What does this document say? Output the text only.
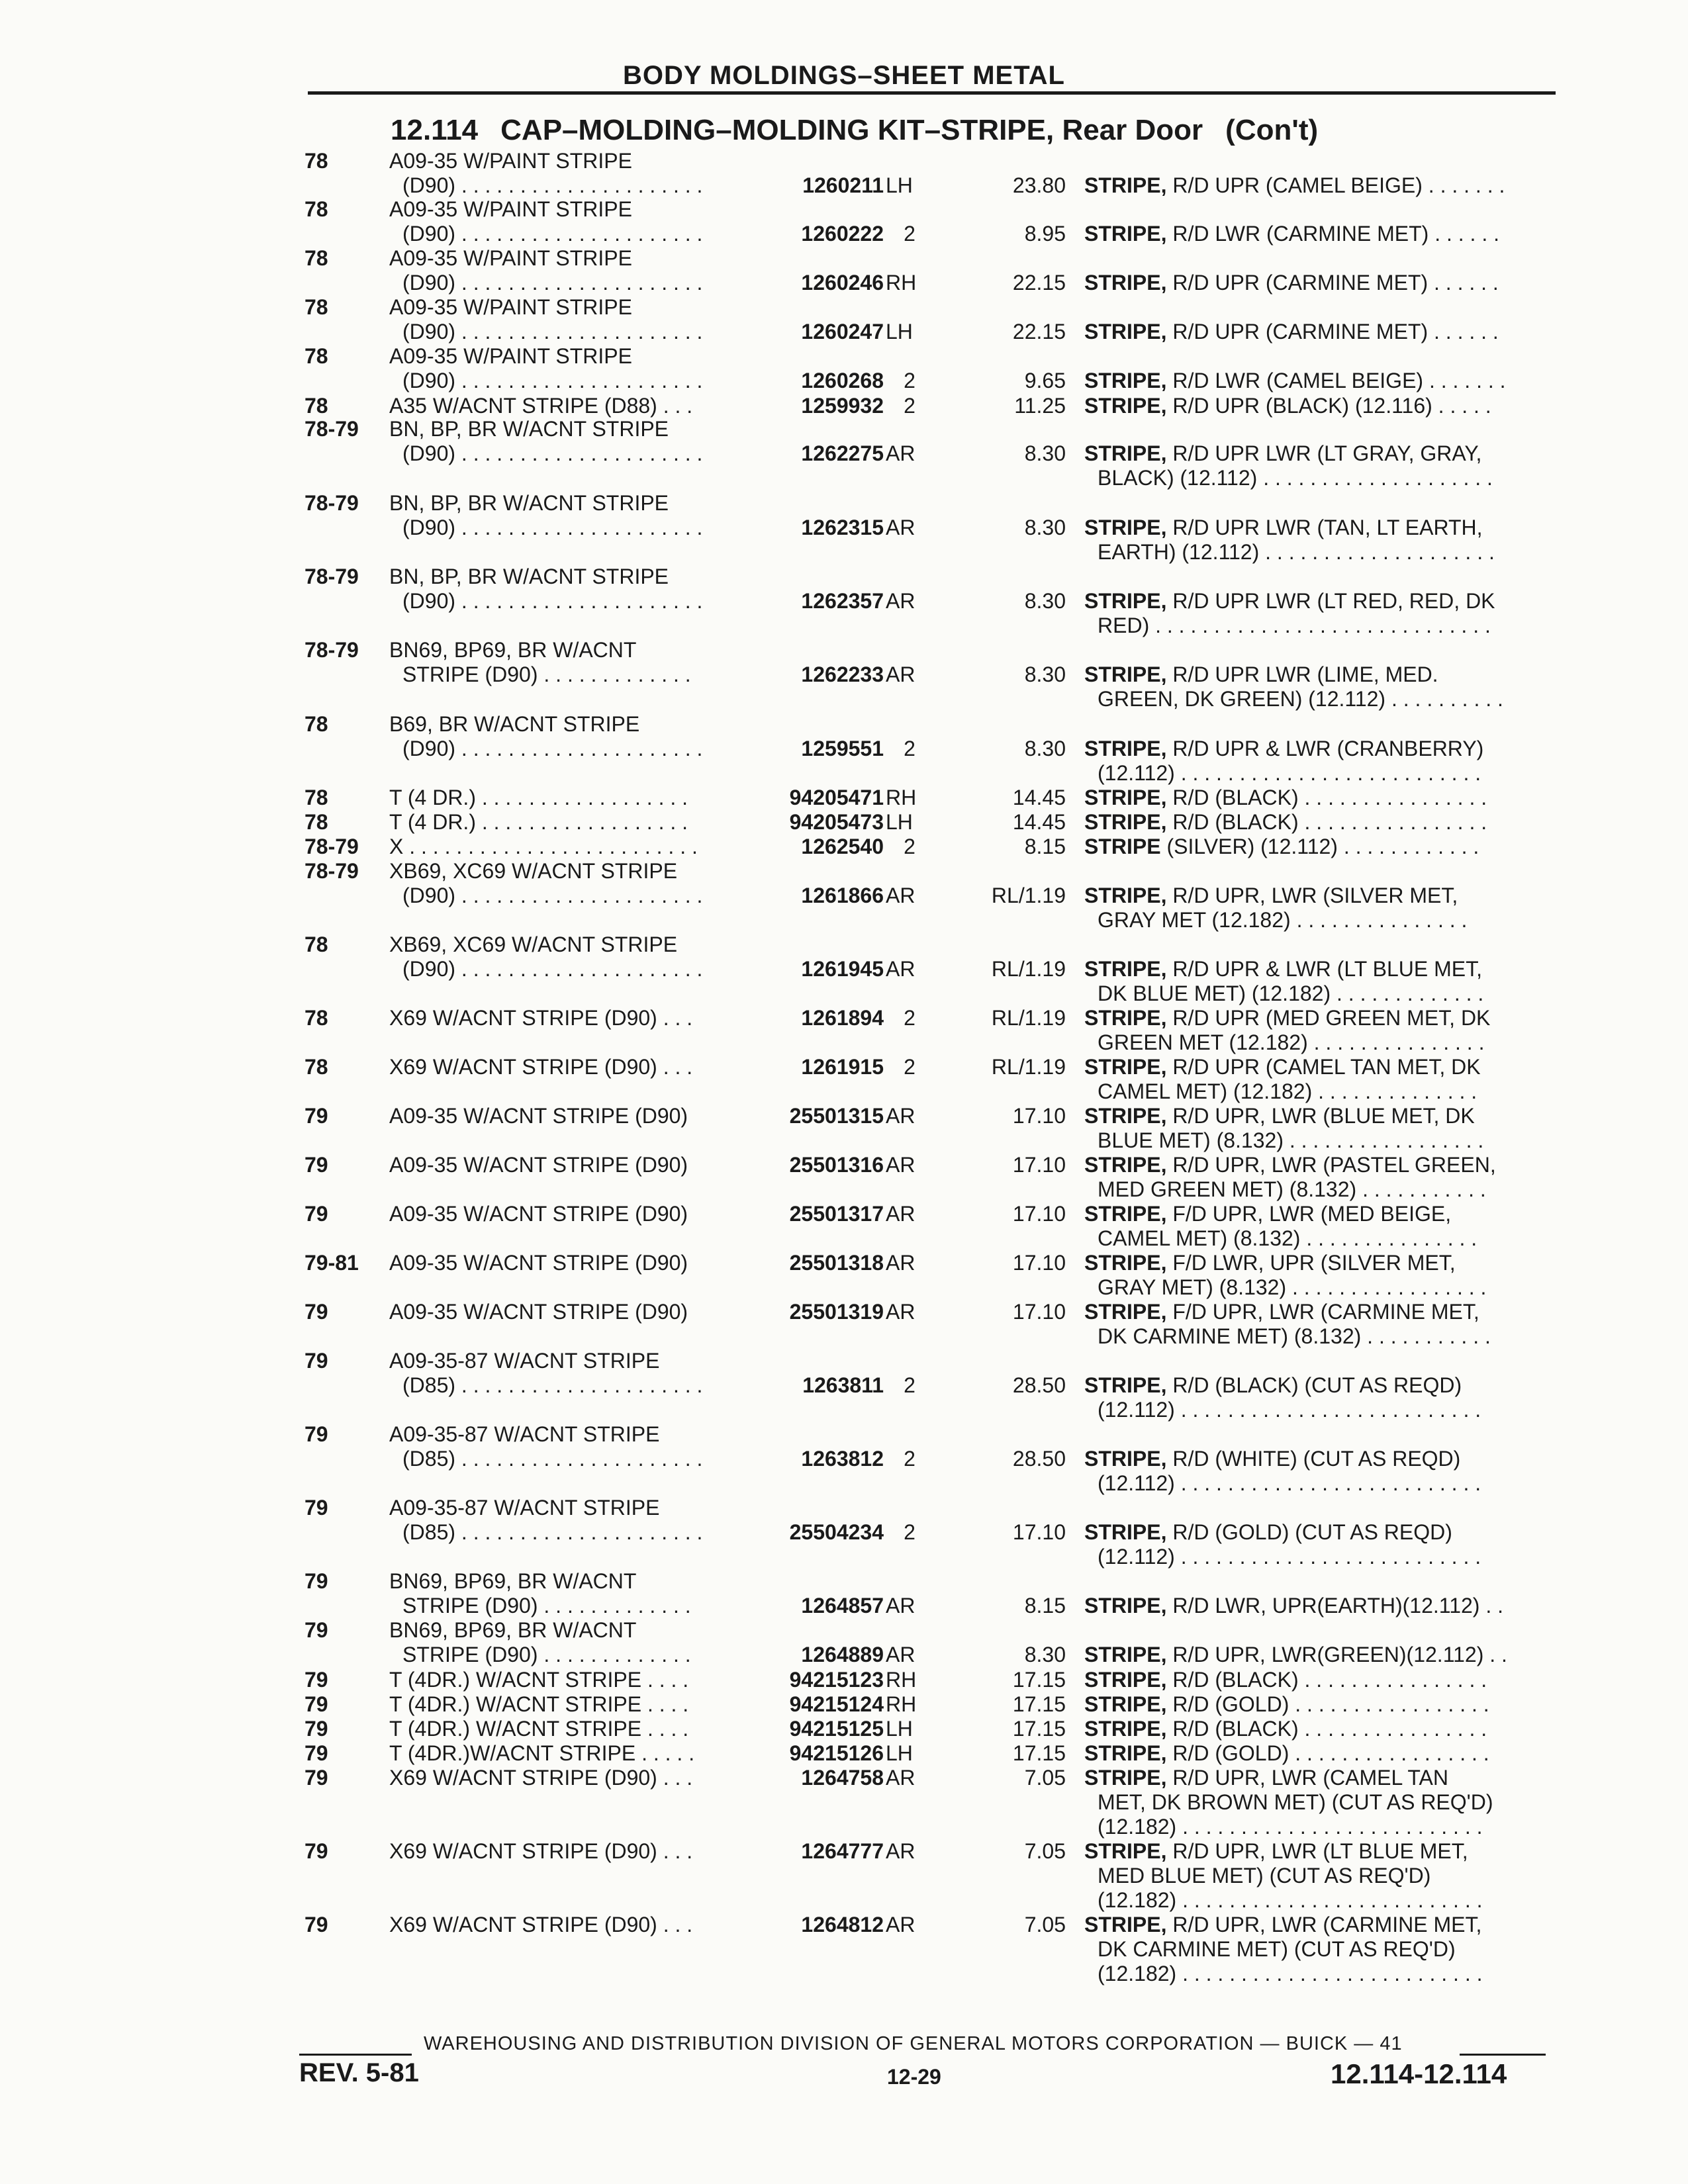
BODY MOLDINGS–SHEET METAL
12.114 CAP–MOLDING–MOLDING KIT–STRIPE, Rear Door (Con't)
78	A09-35 W/PAINT STRIPE
(D90) . . . . . . . . . . . . . . . . . . . . .	1260211 LH	23.80 STRIPE, R/D UPR (CAMEL BEIGE) . . . . . . .
78	A09-35 W/PAINT STRIPE
(D90) . . . . . . . . . . . . . . . . . . . . .	1260222 2	8.95 STRIPE, R/D LWR (CARMINE MET) . . . . . .
78	A09-35 W/PAINT STRIPE
(D90) . . . . . . . . . . . . . . . . . . . . .	1260246 RH	22.15 STRIPE, R/D UPR (CARMINE MET) . . . . . .
78	A09-35 W/PAINT STRIPE
(D90) . . . . . . . . . . . . . . . . . . . . .	1260247 LH	22.15 STRIPE, R/D UPR (CARMINE MET) . . . . . .
78	A09-35 W/PAINT STRIPE
(D90) . . . . . . . . . . . . . . . . . . . . .	1260268 2	9.65 STRIPE, R/D LWR (CAMEL BEIGE) . . . . . . .
78	A35 W/ACNT STRIPE (D88) . . .	1259932 2	11.25 STRIPE, R/D UPR (BLACK) (12.116) . . . . .
78-79	BN, BP, BR W/ACNT STRIPE
(D90) . . . . . . . . . . . . . . . . . . . . .	1262275 AR	8.30 STRIPE, R/D UPR LWR (LT GRAY, GRAY,
BLACK) (12.112) . . . . . . . . . . . . . . . . . . . .
78-79	BN, BP, BR W/ACNT STRIPE
(D90) . . . . . . . . . . . . . . . . . . . . .	1262315 AR	8.30 STRIPE, R/D UPR LWR (TAN, LT EARTH,
EARTH) (12.112) . . . . . . . . . . . . . . . . . . . .
78-79	BN, BP, BR W/ACNT STRIPE
(D90) . . . . . . . . . . . . . . . . . . . . .	1262357 AR	8.30 STRIPE, R/D UPR LWR (LT RED, RED, DK
RED) . . . . . . . . . . . . . . . . . . . . . . . . . . . . .
78-79	BN69, BP69, BR W/ACNT
STRIPE (D90) . . . . . . . . . . . . .	1262233 AR	8.30 STRIPE, R/D UPR LWR (LIME, MED.
GREEN, DK GREEN) (12.112) . . . . . . . . . .
78	B69, BR W/ACNT STRIPE
(D90) . . . . . . . . . . . . . . . . . . . . .	1259551 2	8.30 STRIPE, R/D UPR & LWR (CRANBERRY)
(12.112) . . . . . . . . . . . . . . . . . . . . . . . . . .
78	T (4 DR.) . . . . . . . . . . . . . . . . . .	94205471 RH	14.45 STRIPE, R/D (BLACK) . . . . . . . . . . . . . . . .
78	T (4 DR.) . . . . . . . . . . . . . . . . . .	94205473 LH	14.45 STRIPE, R/D (BLACK) . . . . . . . . . . . . . . . .
78-79	X . . . . . . . . . . . . . . . . . . . . . . . . .	1262540 2	8.15 STRIPE (SILVER) (12.112) . . . . . . . . . . . .
78-79	XB69, XC69 W/ACNT STRIPE
(D90) . . . . . . . . . . . . . . . . . . . . .	1261866 AR	RL/1.19 STRIPE, R/D UPR, LWR (SILVER MET,
GRAY MET (12.182) . . . . . . . . . . . . . . .
78	XB69, XC69 W/ACNT STRIPE
(D90) . . . . . . . . . . . . . . . . . . . . .	1261945 AR	RL/1.19 STRIPE, R/D UPR & LWR (LT BLUE MET,
DK BLUE MET) (12.182) . . . . . . . . . . . . .
78	X69 W/ACNT STRIPE (D90) . . .	1261894 2	RL/1.19 STRIPE, R/D UPR (MED GREEN MET, DK
GREEN MET (12.182) . . . . . . . . . . . . . . .
78	X69 W/ACNT STRIPE (D90) . . .	1261915 2	RL/1.19 STRIPE, R/D UPR (CAMEL TAN MET, DK
CAMEL MET) (12.182) . . . . . . . . . . . . . .
79	A09-35 W/ACNT STRIPE (D90)	25501315 AR	17.10 STRIPE, R/D UPR, LWR (BLUE MET, DK
BLUE MET) (8.132) . . . . . . . . . . . . . . . . .
79	A09-35 W/ACNT STRIPE (D90)	25501316 AR	17.10 STRIPE, R/D UPR, LWR (PASTEL GREEN,
MED GREEN MET) (8.132) . . . . . . . . . . .
79	A09-35 W/ACNT STRIPE (D90)	25501317 AR	17.10 STRIPE, F/D UPR, LWR (MED BEIGE,
CAMEL MET) (8.132) . . . . . . . . . . . . . . .
79-81	A09-35 W/ACNT STRIPE (D90)	25501318 AR	17.10 STRIPE, F/D LWR, UPR (SILVER MET,
GRAY MET) (8.132) . . . . . . . . . . . . . . . . .
79	A09-35 W/ACNT STRIPE (D90)	25501319 AR	17.10 STRIPE, F/D UPR, LWR (CARMINE MET,
DK CARMINE MET) (8.132) . . . . . . . . . . .
79	A09-35-87 W/ACNT STRIPE
(D85) . . . . . . . . . . . . . . . . . . . . .	1263811 2	28.50 STRIPE, R/D (BLACK) (CUT AS REQD)
(12.112) . . . . . . . . . . . . . . . . . . . . . . . . . .
79	A09-35-87 W/ACNT STRIPE
(D85) . . . . . . . . . . . . . . . . . . . . .	1263812 2	28.50 STRIPE, R/D (WHITE) (CUT AS REQD)
(12.112) . . . . . . . . . . . . . . . . . . . . . . . . . .
79	A09-35-87 W/ACNT STRIPE
(D85) . . . . . . . . . . . . . . . . . . . . .	25504234 2	17.10 STRIPE, R/D (GOLD) (CUT AS REQD)
(12.112) . . . . . . . . . . . . . . . . . . . . . . . . . .
79	BN69, BP69, BR W/ACNT
STRIPE (D90) . . . . . . . . . . . . .	1264857 AR	8.15 STRIPE, R/D LWR, UPR(EARTH)(12.112) . .
79	BN69, BP69, BR W/ACNT
STRIPE (D90) . . . . . . . . . . . . .	1264889 AR	8.30 STRIPE, R/D UPR, LWR(GREEN)(12.112) . .
79	T (4DR.) W/ACNT STRIPE . . . .	94215123 RH	17.15 STRIPE, R/D (BLACK) . . . . . . . . . . . . . . . .
79	T (4DR.) W/ACNT STRIPE . . . .	94215124 RH	17.15 STRIPE, R/D (GOLD) . . . . . . . . . . . . . . . . .
79	T (4DR.) W/ACNT STRIPE . . . .	94215125 LH	17.15 STRIPE, R/D (BLACK) . . . . . . . . . . . . . . . .
79	T (4DR.)W/ACNT STRIPE . . . . .	94215126 LH	17.15 STRIPE, R/D (GOLD) . . . . . . . . . . . . . . . . .
79	X69 W/ACNT STRIPE (D90) . . .	1264758 AR	7.05 STRIPE, R/D UPR, LWR (CAMEL TAN
MET, DK BROWN MET) (CUT AS REQ'D)
(12.182) . . . . . . . . . . . . . . . . . . . . . . . . . .
79	X69 W/ACNT STRIPE (D90) . . .	1264777 AR	7.05 STRIPE, R/D UPR, LWR (LT BLUE MET,
MED BLUE MET) (CUT AS REQ'D)
(12.182) . . . . . . . . . . . . . . . . . . . . . . . . . .
79	X69 W/ACNT STRIPE (D90) . . .	1264812 AR	7.05 STRIPE, R/D UPR, LWR (CARMINE MET,
DK CARMINE MET) (CUT AS REQ'D)
(12.182) . . . . . . . . . . . . . . . . . . . . . . . . . .
WAREHOUSING AND DISTRIBUTION DIVISION OF GENERAL MOTORS CORPORATION — BUICK — 41
REV. 5-81	12-29	12.114-12.114
